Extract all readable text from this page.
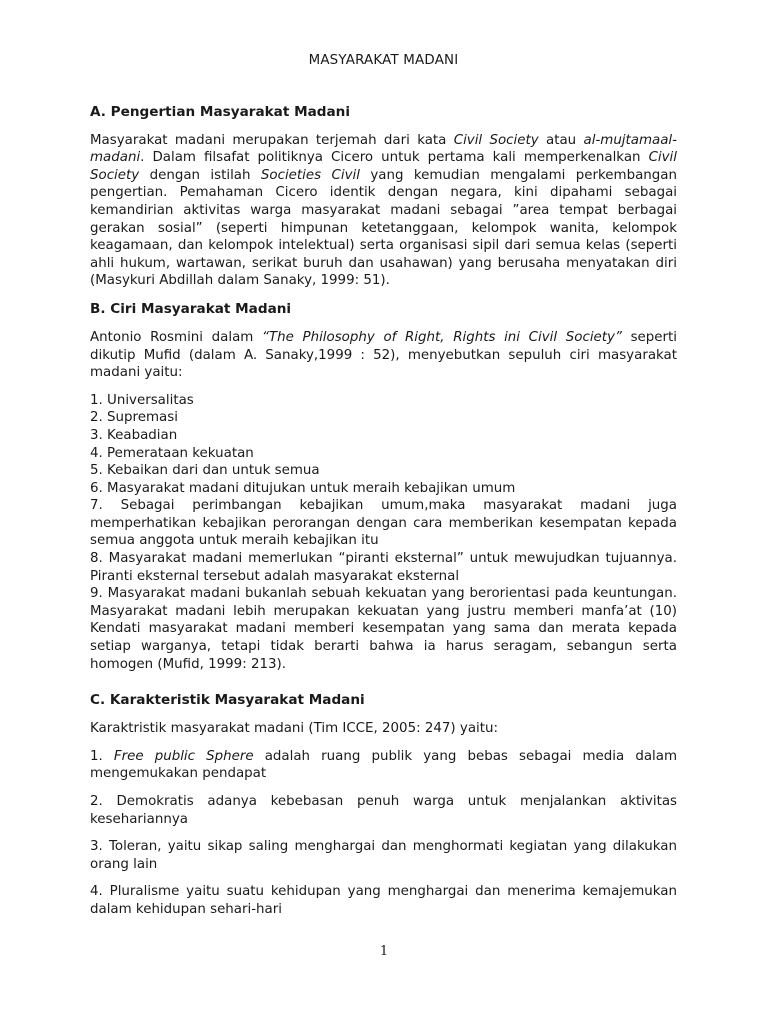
MASYARAKAT MADANI
A. Pengertian Masyarakat Madani

Masyarakat madani merupakan terjemah dari kata Civil Society atau al-mujtamaal-madani. Dalam filsafat politiknya Cicero untuk pertama kali memperkenalkan Civil Society dengan istilah Societies Civil yang kemudian mengalami perkembangan pengertian. Pemahaman Cicero identik dengan negara, kini dipahami sebagai kemandirian aktivitas warga masyarakat madani sebagai ”area tempat berbagai gerakan sosial” (seperti himpunan ketetanggaan, kelompok wanita, kelompok keagamaan, dan kelompok intelektual) serta organisasi sipil dari semua kelas (seperti ahli hukum, wartawan, serikat buruh dan usahawan) yang berusaha menyatakan diri (Masykuri Abdillah dalam Sanaky, 1999: 51).

B. Ciri Masyarakat Madani

Antonio Rosmini dalam “The Philosophy of Right, Rights ini Civil Society” seperti dikutip Mufid (dalam A. Sanaky,1999 : 52), menyebutkan sepuluh ciri masyarakat madani yaitu:

1. Universalitas
2. Supremasi
3. Keabadian
4. Pemerataan kekuatan
5. Kebaikan dari dan untuk semua
6. Masyarakat madani ditujukan untuk meraih kebajikan umum
7. Sebagai perimbangan kebajikan umum,maka masyarakat madani juga memperhatikan kebajikan perorangan dengan cara memberikan kesempatan kepada semua anggota untuk meraih kebajikan itu
8. Masyarakat madani memerlukan “piranti eksternal” untuk mewujudkan tujuannya. Piranti eksternal tersebut adalah masyarakat eksternal
9. Masyarakat madani bukanlah sebuah kekuatan yang berorientasi pada keuntungan. Masyarakat madani lebih merupakan kekuatan yang justru memberi manfa’at (10) Kendati masyarakat madani memberi kesempatan yang sama dan merata kepada setiap warganya, tetapi tidak berarti bahwa ia harus seragam, sebangun serta homogen (Mufid, 1999: 213).
C. Karakteristik Masyarakat Madani

Karaktristik masyarakat madani (Tim ICCE, 2005: 247) yaitu:

1. Free public Sphere adalah ruang publik yang bebas sebagai media dalam mengemukakan pendapat

2. Demokratis adanya kebebasan penuh warga untuk menjalankan aktivitas kesehariannya

3. Toleran, yaitu sikap saling menghargai dan menghormati kegiatan yang dilakukan orang lain

4. Pluralisme yaitu suatu kehidupan yang menghargai dan menerima kemajemukan dalam kehidupan sehari-hari

1
